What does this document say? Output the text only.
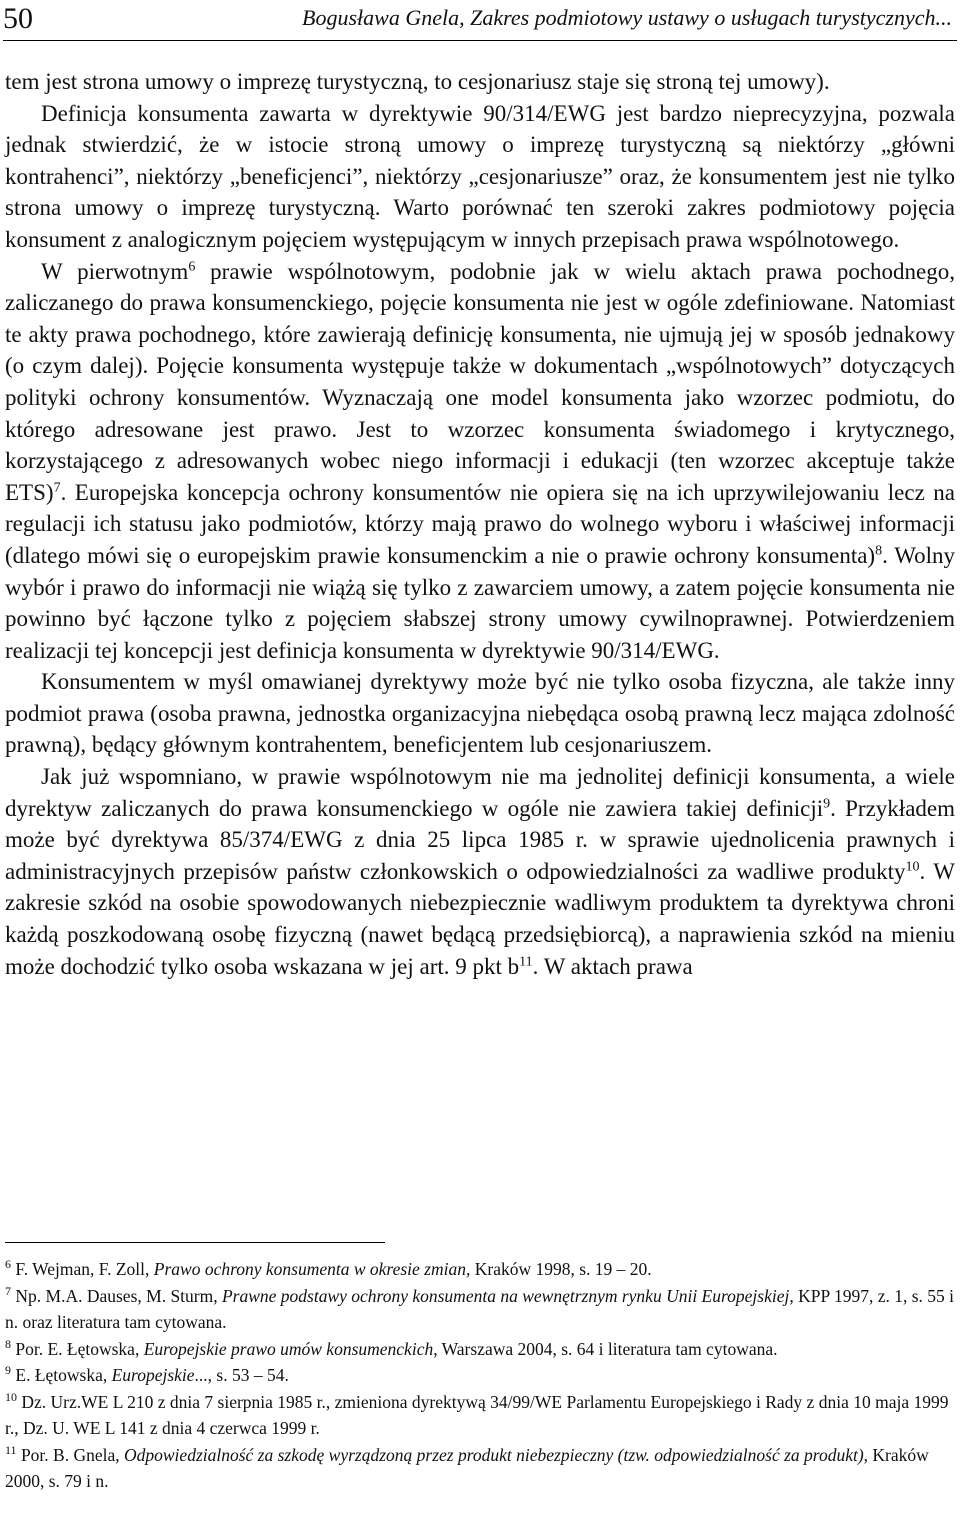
50	Bogusława Gnela, Zakres podmiotowy ustawy o usługach turystycznych...

tem jest strona umowy o imprezę turystyczną, to cesjonariusz staje się stroną tej umowy).

Definicja konsumenta zawarta w dyrektywie 90/314/EWG jest bardzo nieprecyzyjna, pozwala jednak stwierdzić, że w istocie stroną umowy o imprezę turystyczną są niektórzy „główni kontrahenci”, niektórzy „beneficjenci”, niektórzy „cesjonariusze” oraz, że konsumentem jest nie tylko strona umowy o imprezę turystyczną. Warto porównać ten szeroki zakres podmiotowy pojęcia konsument z analogicznym pojęciem występującym w innych przepisach prawa wspólnotowego.

W pierwotnym$^6$ prawie wspólnotowym, podobnie jak w wielu aktach prawa pochodnego, zaliczanego do prawa konsumenckiego, pojęcie konsumenta nie jest w ogóle zdefiniowane. Natomiast te akty prawa pochodnego, które zawierają definicję konsumenta, nie ujmują jej w sposób jednakowy (o czym dalej). Pojęcie konsumenta występuje także w dokumentach „wspólnotowych” dotyczących polityki ochrony konsumentów. Wyznaczają one model konsumenta jako wzorzec podmiotu, do którego adresowane jest prawo. Jest to wzorzec konsumenta świadomego i krytycznego, korzystającego z adresowanych wobec niego informacji i edukacji (ten wzorzec akceptuje także ETS)$^7$. Europejska koncepcja ochrony konsumentów nie opiera się na ich uprzywilejowaniu lecz na regulacji ich statusu jako podmiotów, którzy mają prawo do wolnego wyboru i właściwej informacji (dlatego mówi się o europejskim prawie konsumenckim a nie o prawie ochrony konsumenta)$^8$. Wolny wybór i prawo do informacji nie wiążą się tylko z zawarciem umowy, a zatem pojęcie konsumenta nie powinno być łączone tylko z pojęciem słabszej strony umowy cywilnoprawnej. Potwierdzeniem realizacji tej koncepcji jest definicja konsumenta w dyrektywie 90/314/EWG.

Konsumentem w myśl omawianej dyrektywy może być nie tylko osoba fizyczna, ale także inny podmiot prawa (osoba prawna, jednostka organizacyjna niebędąca osobą prawną lecz mająca zdolność prawną), będący głównym kontrahentem, beneficjentem lub cesjonariuszem.

Jak już wspomniano, w prawie wspólnotowym nie ma jednolitej definicji konsumenta, a wiele dyrektyw zaliczanych do prawa konsumenckiego w ogóle nie zawiera takiej definicji$^9$. Przykładem może być dyrektywa 85/374/EWG z dnia 25 lipca 1985 r. w sprawie ujednolicenia prawnych i administracyjnych przepisów państw członkowskich o odpowiedzialności za wadliwe produkty$^{10}$. W zakresie szkód na osobie spowodowanych niebezpiecznie wadliwym produktem ta dyrektywa chroni każdą poszkodowaną osobę fizyczną (nawet będącą przedsiębiorcą), a naprawienia szkód na mieniu może dochodzić tylko osoba wskazana w jej art. 9 pkt $b^{11}$. W aktach prawa

$^6$ F. Wejman, F. Zoll, Prawo ochrony konsumenta w okresie zmian, Kraków 1998, s. 19 – 20.

$^7$ Np. M.A. Dauses, M. Sturm, Prawne podstawy ochrony konsumenta na wewnętrznym rynku Unii Europejskiej, KPP 1997, z. 1, s. 55 i n. oraz literatura tam cytowana.

$^8$ Por. E. Łętowska, Europejskie prawo umów konsumenckich, Warszawa 2004, s. 64 i literatura tam cytowana.

$^9$ E. Łętowska, Europejskie..., s. 53 – 54.

$^{10}$ Dz. Urz.WE L 210 z dnia 7 sierpnia 1985 r., zmieniona dyrektywą 34/99/WE Parlamentu Europejskiego i Rady z dnia 10 maja 1999 r., Dz. U. WE L 141 z dnia 4 czerwca 1999 r.

$^{11}$ Por. B. Gnela, Odpowiedzialność za szkodę wyrządzoną przez produkt niebezpieczny (tzw. odpowiedzialność za produkt), Kraków 2000, s. 79 i n.
